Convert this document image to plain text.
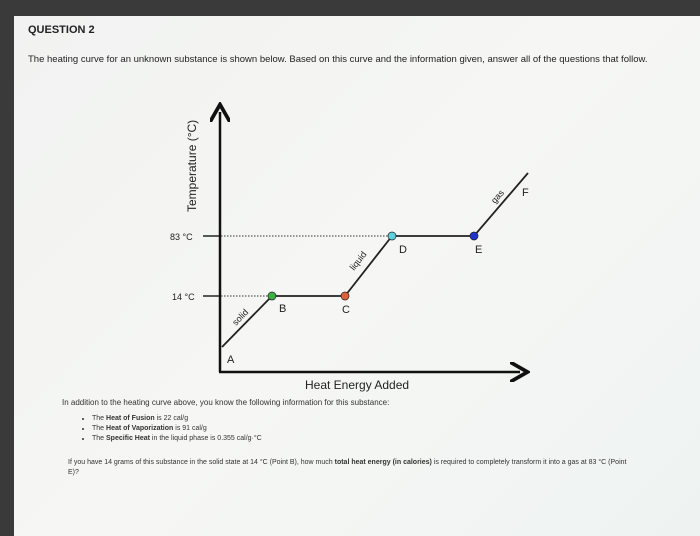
QUESTION 2
The heating curve for an unknown substance is shown below. Based on this curve and the information given, answer all of the questions that follow.
Temperature (°C)
Heat Energy Added
83 °C
14 °C
A
B	C
D	E
F
solid
liquid
gas
In addition to the heating curve above, you know the following information for this substance:
• The Heat of Fusion is 22 cal/g
• The Heat of Vaporization is 91 cal/g
• The Specific Heat in the liquid phase is 0.355 cal/g·°C
If you have 14 grams of this substance in the solid state at 14 °C (Point B), how much total heat energy (in calories) is required to completely transform it into a gas at 83 °C (Point E)?
